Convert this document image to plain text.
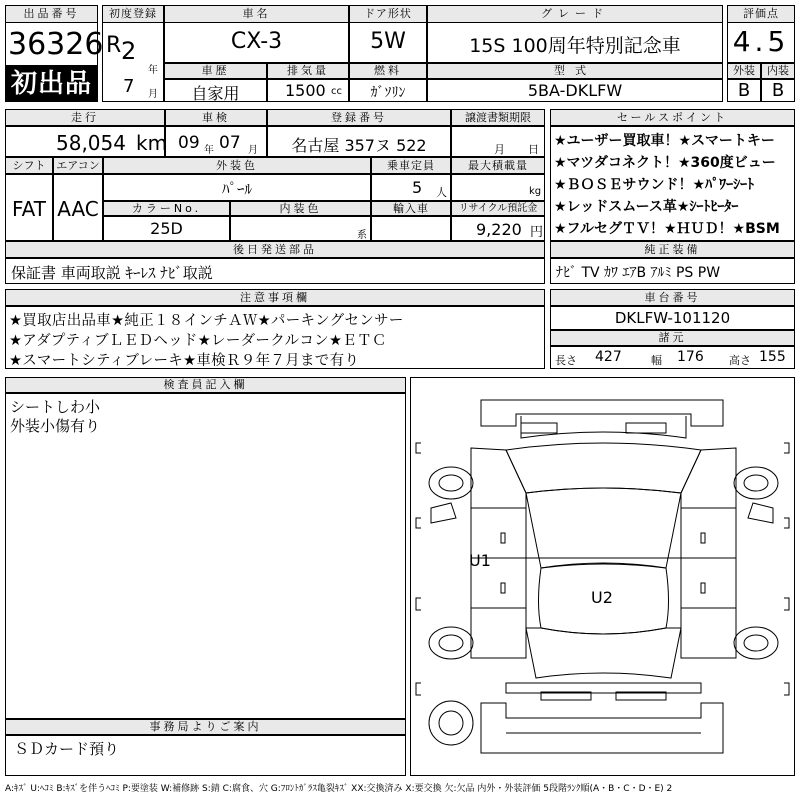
出品番号
36326
初出品
初度登録
R 2
年
7 月
車名
CX-3
ドア形状
5W
グレード
15S 100周年特別記念車
評価点
4.5
外装	内装
B	B
車歴
自家用
排気量
1500 cc
燃料
ｶﾞｿﾘﾝ
型式
5BA-DKLFW
走行
58,054 km
車検
09 年 07 月
登録番号
名古屋 357ヌ 522
譲渡書類期限
月 日
シフト
FAT
エアコン
AAC
外装色
ﾊﾟｰﾙ
乗車定員
5 人
最大積載量
kg
カラーNo.
25D
内装色
系
輸入車	リサイクル預託金
9,220 円
後日発送部品
保証書 車両取説 ｷｰﾚｽ ﾅﾋﾞ取説
セールスポイント
★ユーザー買取車！★スマートキー
★マツダコネクト！★360度ビュー
★ＢＯＳＥサウンド！★ﾊﾟﾜｰｼｰﾄ
★レッドスムース革★ｼｰﾄﾋｰﾀｰ
★フルセグＴＶ！★ＨＵＤ！★BSM
純正装備
ﾅﾋﾞ TV ｶﾜ ｴｱB ｱﾙﾐ PS PW
注意事項欄
★買取店出品車★純正１８インチＡＷ★パーキングセンサー
★アダプティブＬＥＤヘッド★レーダークルコン★ＥＴＣ
★スマートシティブレーキ★車検Ｒ９年７月まで有り
車台番号
DKLFW-101120
諸元
長さ 427	幅 176 高さ 155
検査員記入欄
シートしわ小
外装小傷有り
事務局よりご案内
ＳＤカード預り
U1
U2
A:ｷｽﾞ U:ﾍｺﾐ B:ｷｽﾞを伴うﾍｺﾐ P:要塗装 W:補修跡 S:錆 C:腐食、穴 G:ﾌﾛﾝﾄｶﾞﾗｽ亀裂ｷｽﾞ XX:交換済み X:要交換 欠:欠品 内外・外装評価 5段階ﾗﾝｸ順(A・B・C・D・E) 2
